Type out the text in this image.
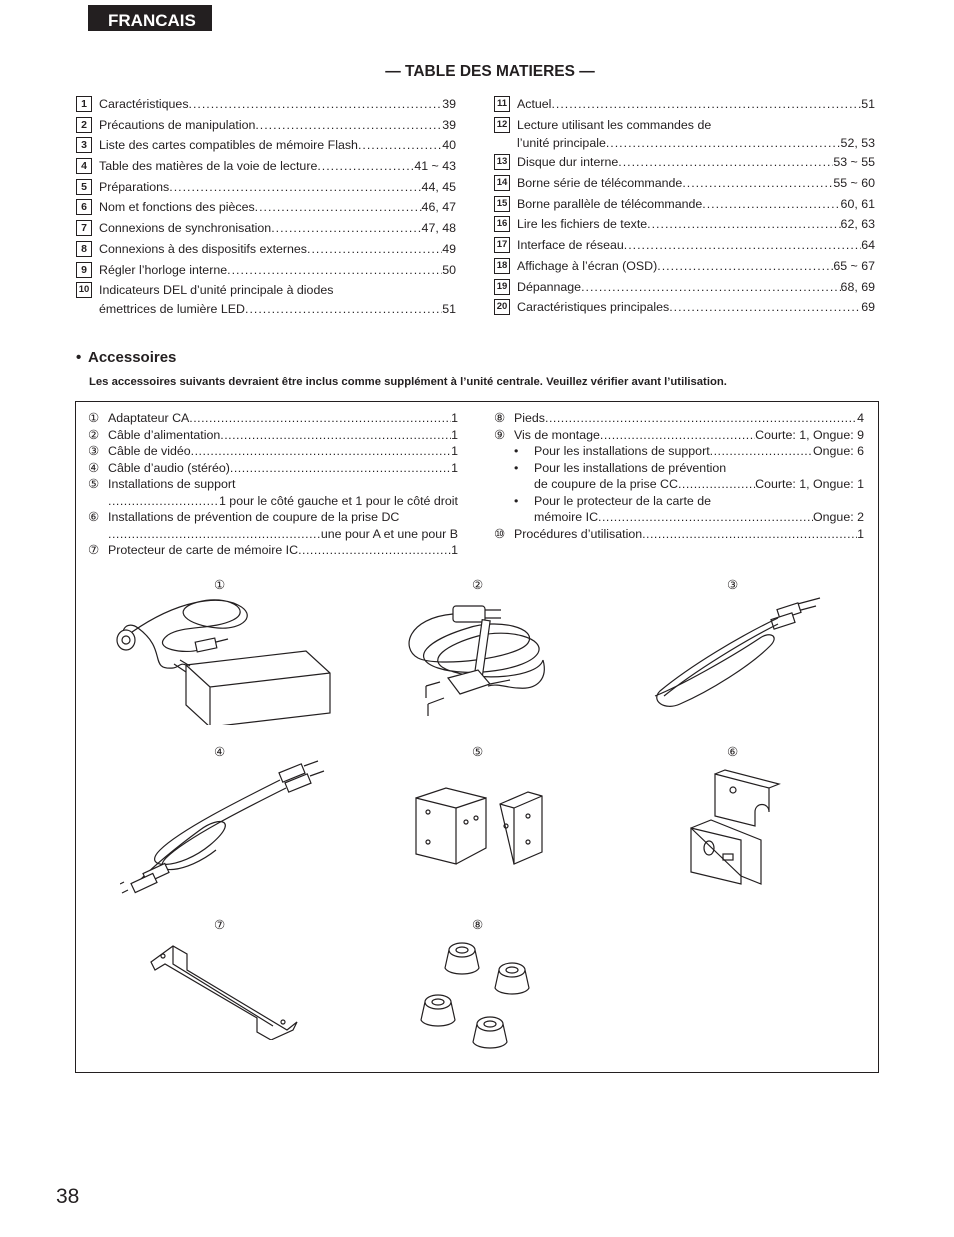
FRANCAIS
— TABLE DES MATIERES —
1 Caractéristiques .....	39
2 Précautions de manipulation .....	39
3 Liste des cartes compatibles de mémoire Flash .....	40
4 Table des matières de la voie de lecture .....	41 ~ 43
5 Préparations .....	44, 45
6 Nom et fonctions des pièces .....	46, 47
7 Connexions de synchronisation .....	47, 48
8 Connexions à des dispositifs externes .....	49
9 Régler l’horloge interne .....	50
10 Indicateurs DEL d’unité principale à diodes
émettrices de lumière LED .....	51
11 Actuel .....	51
12 Lecture utilisant les commandes de
l’unité principale .....	52, 53
13 Disque dur interne .....	53 ~ 55
14 Borne série de télécommande .....	55 ~ 60
15 Borne parallèle de télécommande .....	60, 61
16 Lire les fichiers de texte .....	62, 63
17 Interface de réseau .....	64
18 Affichage à l’écran (OSD) .....	65 ~ 67
19 Dépannage .....	68, 69
20 Caractéristiques principales .....	69
• Accessoires
Les accessoires suivants devraient être inclus comme supplément à l’unité centrale. Veuillez vérifier avant l’utilisation.
① Adaptateur CA .....	1
② Câble d’alimentation .....	1
③ Câble de vidéo .....	1
④ Câble d’audio (stéréo) .....	1
⑤ Installations de support
.....
1 pour le côté gauche et 1 pour le côté droit
⑥ Installations de prévention de coupure de la prise DC
.....
une pour A et une pour B
⑦ Protecteur de carte de mémoire IC .....	1
⑧ Pieds .....	4
⑨ Vis de montage .....	Courte: 1, Ongue: 9
•	Pour les installations de support .....	Ongue: 6
•	Pour les installations de prévention
de coupure de la prise CC .....	Courte: 1, Ongue: 1
•	Pour le protecteur de la carte de
mémoire IC .....	Ongue: 2
⑩ Procédures d’utilisation .....	1
①	②	③
④	⑤	⑥
⑦	⑧
38
